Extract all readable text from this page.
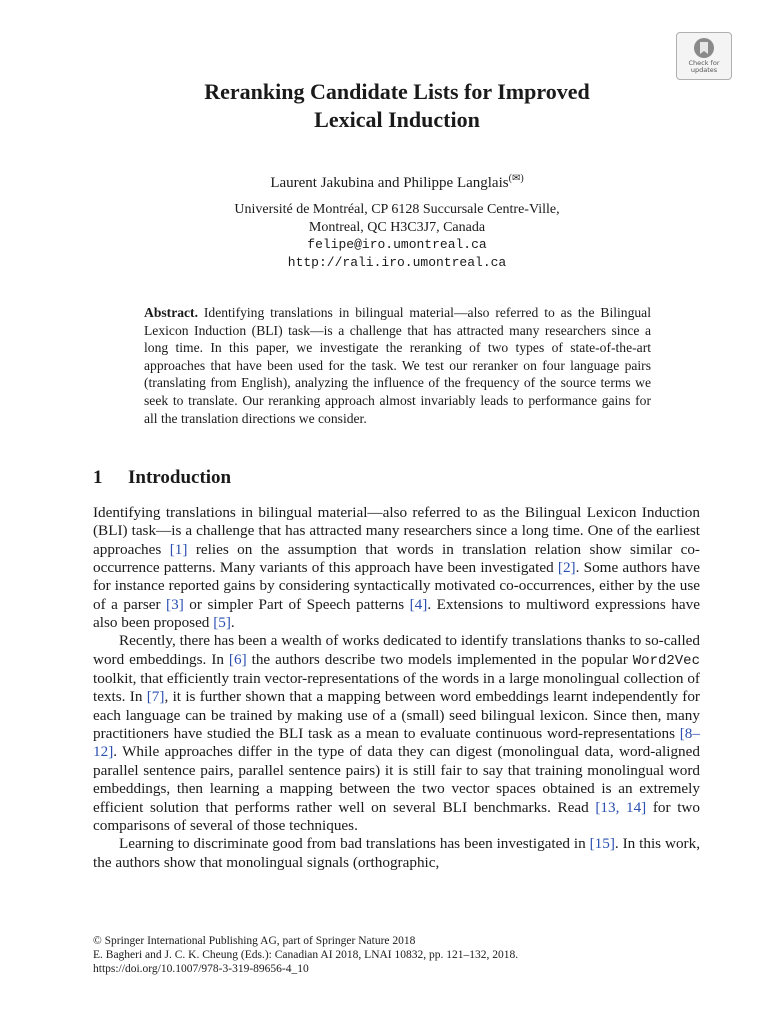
Check for
updates
Reranking Candidate Lists for Improved
Lexical Induction
Laurent Jakubina and Philippe Langlais(✉)
Université de Montréal, CP 6128 Succursale Centre-Ville,
Montreal, QC H3C3J7, Canada
felipe@iro.umontreal.ca
http://rali.iro.umontreal.ca
Abstract. Identifying translations in bilingual material—also referred to as the Bilingual Lexicon Induction (BLI) task—is a challenge that has attracted many researchers since a long time. In this paper, we investigate the reranking of two types of state-of-the-art approaches that have been used for the task. We test our reranker on four language pairs (translating from English), analyzing the influence of the frequency of the source terms we seek to translate. Our reranking approach almost invariably leads to performance gains for all the translation directions we consider.
1 Introduction

Identifying translations in bilingual material—also referred to as the Bilingual Lexicon Induction (BLI) task—is a challenge that has attracted many researchers since a long time. One of the earliest approaches [1] relies on the assumption that words in translation relation show similar co-occurrence patterns. Many variants of this approach have been investigated [2]. Some authors have for instance reported gains by considering syntactically motivated co-occurrences, either by the use of a parser [3] or simpler Part of Speech patterns [4]. Extensions to multiword expressions have also been proposed [5].

Recently, there has been a wealth of works dedicated to identify translations thanks to so-called word embeddings. In [6] the authors describe two models implemented in the popular Word2Vec toolkit, that efficiently train vector-representations of the words in a large monolingual collection of texts. In [7], it is further shown that a mapping between word embeddings learnt independently for each language can be trained by making use of a (small) seed bilingual lexicon. Since then, many practitioners have studied the BLI task as a mean to evaluate continuous word-representations [8–12]. While approaches differ in the type of data they can digest (monolingual data, word-aligned parallel sentence pairs, parallel sentence pairs) it is still fair to say that training monolingual word embeddings, then learning a mapping between the two vector spaces obtained is an extremely efficient solution that performs rather well on several BLI benchmarks. Read [13, 14] for two comparisons of several of those techniques.

Learning to discriminate good from bad translations has been investigated in [15]. In this work, the authors show that monolingual signals (orthographic,

© Springer International Publishing AG, part of Springer Nature 2018
E. Bagheri and J. C. K. Cheung (Eds.): Canadian AI 2018, LNAI 10832, pp. 121–132, 2018.
https://doi.org/10.1007/978-3-319-89656-4_10
